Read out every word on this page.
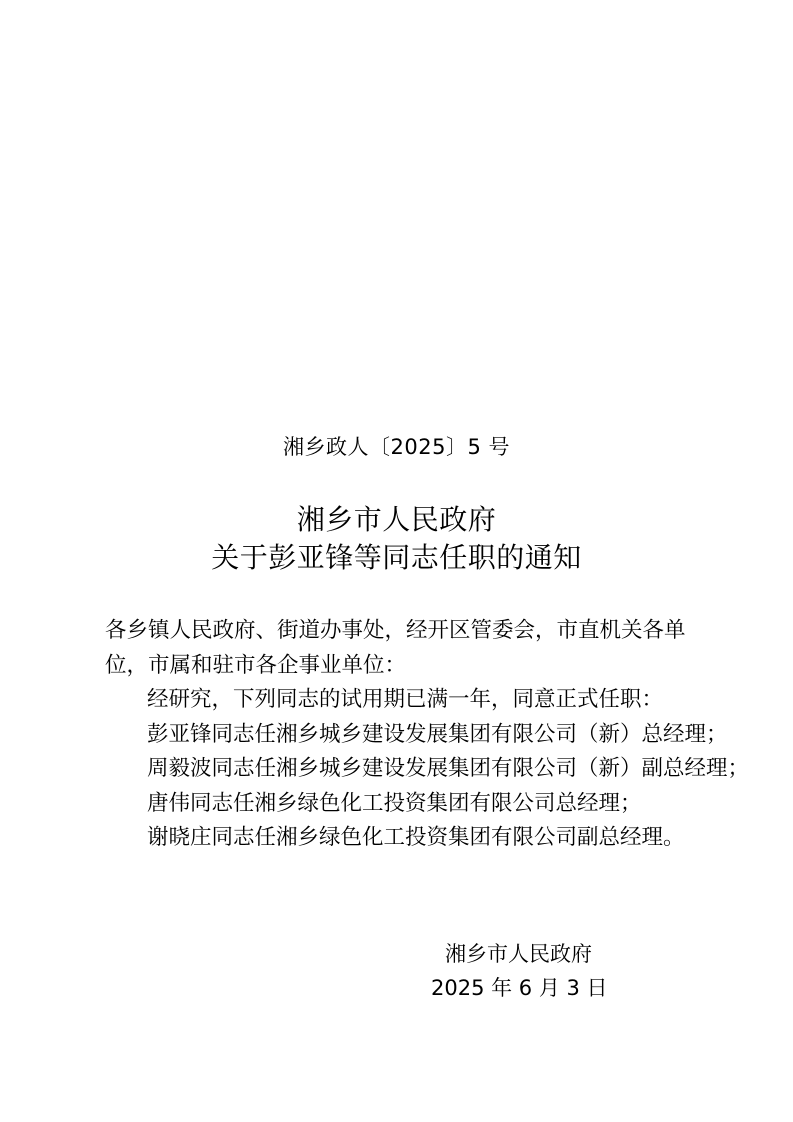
湘乡政人〔2025〕5 号
湘乡市人民政府
关于彭亚锋等同志任职的通知

各乡镇人民政府、街道办事处，经开区管委会，市直机关各单位，市属和驻市各企事业单位：

经研究，下列同志的试用期已满一年，同意正式任职：

彭亚锋同志任湘乡城乡建设发展集团有限公司（新）总经理；

周毅波同志任湘乡城乡建设发展集团有限公司（新）副总经理；

唐伟同志任湘乡绿色化工投资集团有限公司总经理；

谢晓庄同志任湘乡绿色化工投资集团有限公司副总经理。

湘乡市人民政府
2025 年 6 月 3 日
